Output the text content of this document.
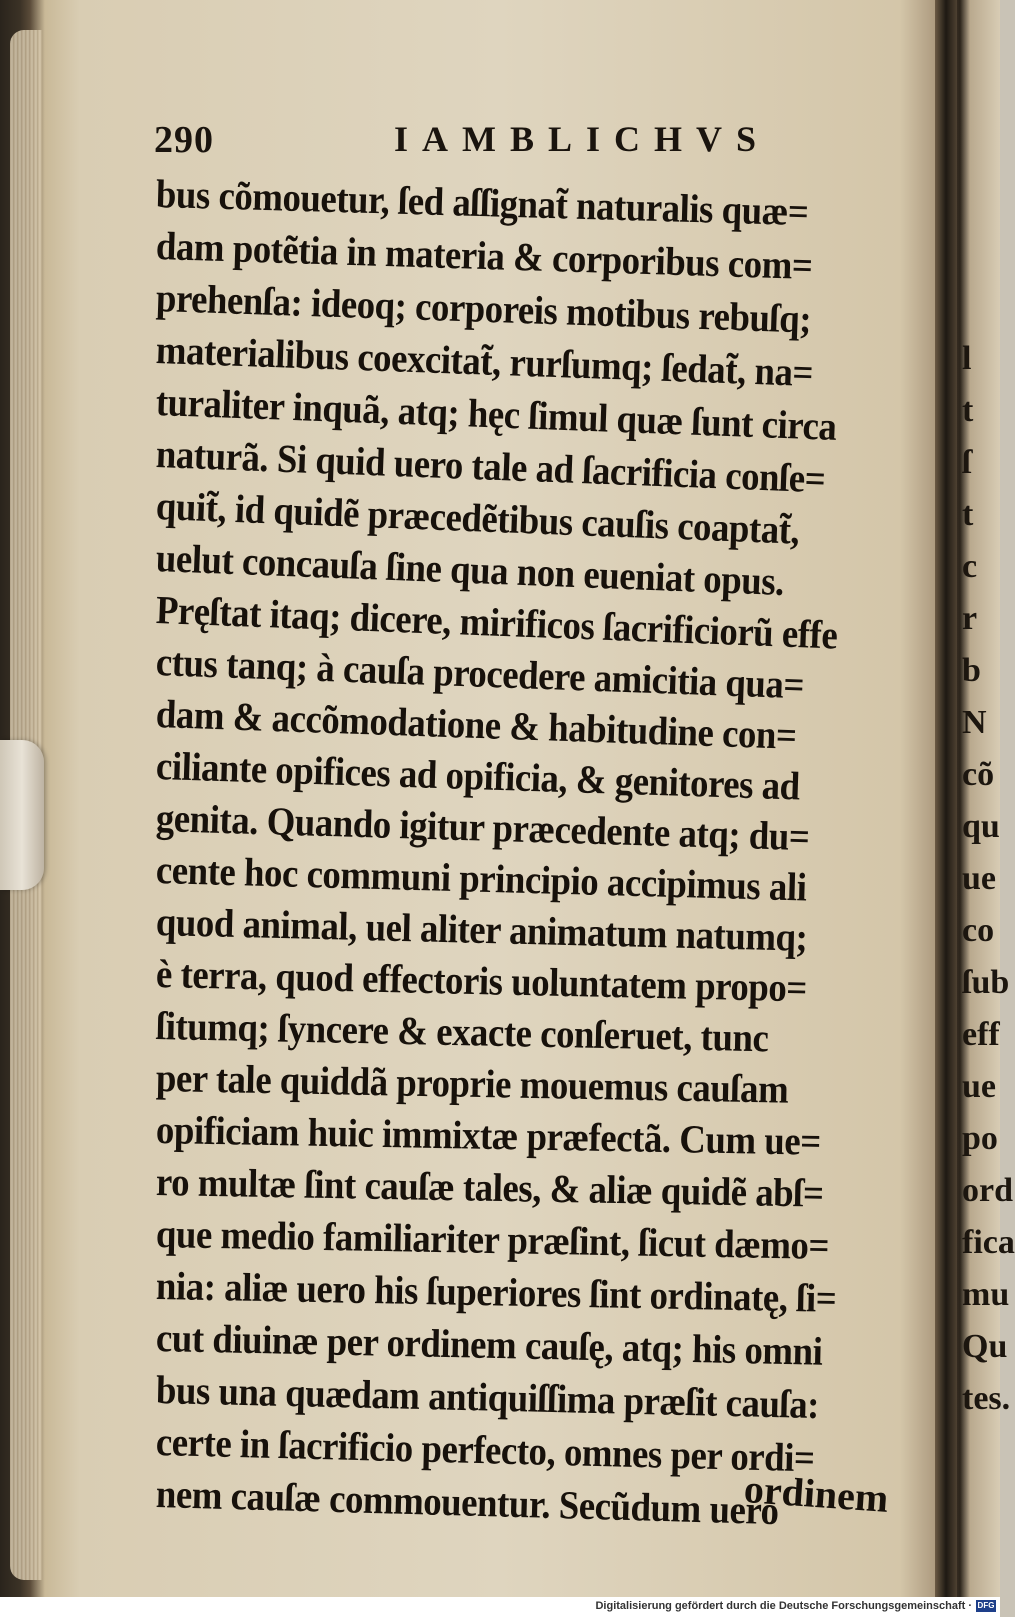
290	IAMBLICHVS
bus cõmouetur, ſed aſſignat̃ naturalis quæ=
dam potẽtia in materia & corporibus com=
prehenſa: ideoq; corporeis motibus rebuſq;
materialibus coexcitat̃, rurſumq; ſedat̃, na=
turaliter inquã, atq; hęc ſimul quæ ſunt circa
naturã. Si quid uero tale ad ſacrificia conſe=
quit̃, id quidẽ præcedẽtibus cauſis coaptat̃,
uelut concauſa ſine qua non eueniat opus.
Pręſtat itaq; dicere, mirificos ſacrificiorũ effe
ctus tanq; à cauſa procedere amicitia qua=
dam & accõmodatione & habitudine con=
ciliante opifices ad opificia, & genitores ad
genita. Quando igitur præcedente atq; du=
cente hoc communi principio accipimus ali
quod animal, uel aliter animatum natumq;
è terra, quod effectoris uoluntatem propo=
ſitumq; ſyncere & exacte conſeruet, tunc
per tale quiddã proprie mouemus cauſam
opificiam huic immixtæ præfectã. Cum ue=
ro multæ ſint cauſæ tales, & aliæ quidẽ abſ=
que medio familiariter præſint, ſicut dæmo=
nia: aliæ uero his ſuperiores ſint ordinatę, ſi=
cut diuinæ per ordinem cauſę, atq; his omni
bus una quædam antiquiſſima præſit cauſa:
certe in ſacrificio perfecto, omnes per ordi=
nem cauſæ commouentur. Secũdum uero
ordinem
l
t
ſ
t
c
r
b
N
cõ
qu
ue
co
ſub
eff
ue
po
ord
fica
mu
Qu
tes.
Digitalisierung gefördert durch die Deutsche Forschungsgemeinschaft · DFG
